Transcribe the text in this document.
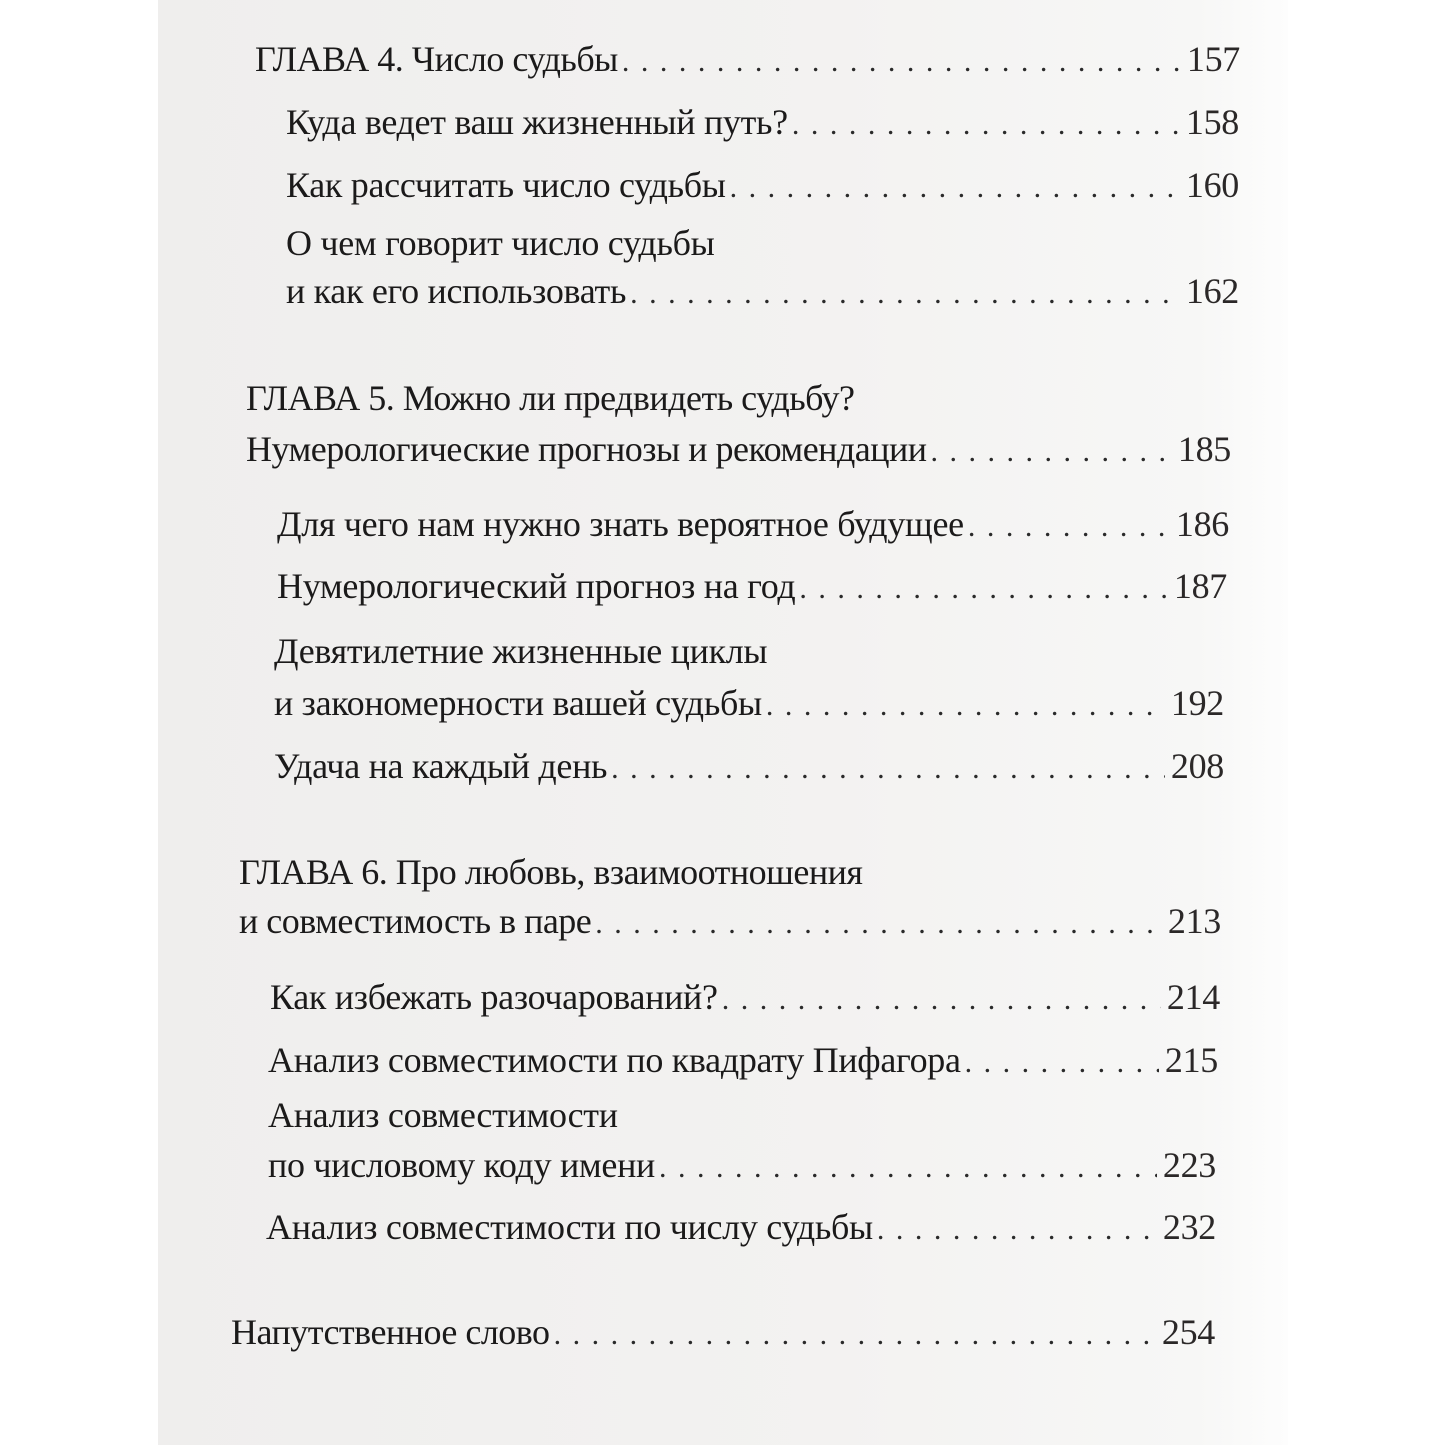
ГЛАВА 4. Число судьбы . . .	157
Куда ведет ваш жизненный путь? . . .	158
Как рассчитать число судьбы . . .	160
О чем говорит число судьбы
и как его использовать . . .	162
ГЛАВА 5. Можно ли предвидеть судьбу?
Нумерологические прогнозы и рекомендации . . .	185
Для чего нам нужно знать вероятное будущее . . .	186
Нумерологический прогноз на год . . .	187
Девятилетние жизненные циклы
и закономерности вашей судьбы . . .	192
Удача на каждый день . . .	208
ГЛАВА 6. Про любовь, взаимоотношения
и совместимость в паре . . .	213
Как избежать разочарований? . . .	214
Анализ совместимости по квадрату Пифагора . . .	215
Анализ совместимости
по числовому коду имени . . .	223
Анализ совместимости по числу судьбы . . .	232
Напутственное слово . . .	254
